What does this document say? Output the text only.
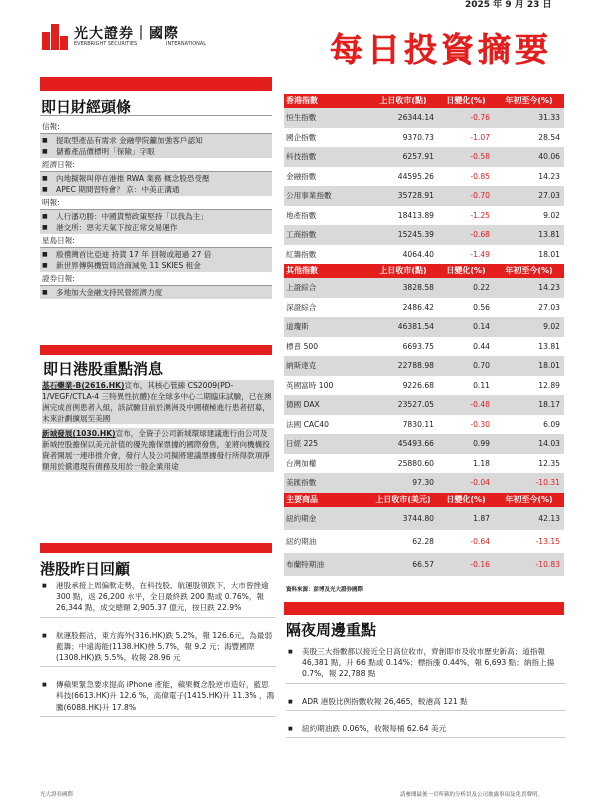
2025 年 9 月 23 日
光大證券｜國際
EVERBRIGHT SECURITIES	INTERNATIONAL	每日投資摘要
即日財經頭條
信報:
■ 提取型產品有需求 金融學院籲加強客戶認知
■ 儲蓄產品價標明「保險」字眼
經濟日報:
■ 內地擬報叫停在港推 RWA 業務 概念股恐受壓
■ APEC 期間習特會？ 京：中美正溝通
明報:
■ 人行潘功勝：中國貨幣政策堅持「以我為主」
■ 港交所：惡劣天氣下按正常交易運作
星島日報:
■ 殷禮灣首比亞迪 持貨 17 年 回報或超過 27 倍
■ 新世界傳與機管局洽商減免 11 SKIES 租金
證券日報:
■ 多地加大金融支持民營經濟力度
即日港股重點消息
基石藥業-B(2616.HK)宣布，其核心管線 CS2009(PD-1/VEGF/CTLA-4 三特異性抗體)在全球多中心二期臨床試驗，已在澳洲完成首例患者入組，該試驗目前於澳洲及中國積極進行患者招募，未來計劃擴展至美國
新城發展(1030.HK)宣布，全資子公司新城環球建議進行由公司及新城控股擔保以美元計值的優先擔保票據的國際發售，並將向機構投資者開展一連串推介會，發行人及公司擬將建議票據發行所得款項淨額用於償還現有債務及用於一般企業用途
港股昨日回顧
■ 港股承接上周偏軟走勢，在科技股、航運股領跌下，大市曾挫逾 300 點，返 26,200 水平，全日最終跌 200 點或 0.76%，報 26,344 點，成交總額 2,905.37 億元，按日跌 22.9%
■ 航運股捱沽，東方海外(316.HK)跌 5.2%，報 126.6元，為最弱藍籌；中遠海能(1138.HK)挫 5.7%，報 9.2 元；海豐國際(1308.HK)跌 5.5%，收報 28.96 元
■ 傳蘋果緊急要求提高 iPhone 產能，蘋果概念股逆市造好，藍思科技(6613.HK)升 12.6 %，高偉電子(1415.HK)升 11.3% ，鴻騰(6088.HK)升 17.8%
香港指數	上日收市(點)	日變化(%)	年初至今(%)
恒生指數	26344.14	-0.76	31.33
國企指數	9370.73	-1.07	28.54
科技指數	6257.91	-0.58	40.06
金融指數	44595.26	-0.85	14.23
公用事業指數	35728.91	-0.70	27.03
地產指數	18413.89	-1.25	9.02
工商指數	15245.39	-0.68	13.81
紅籌指數	4064.40	-1.49	18.01
其他指數	上日收市(點)	日變化(%)	年初至今(%)
上證綜合	3828.58	0.22	14.23
深證綜合	2486.42	0.56	27.03
道瓊斯	46381.54	0.14	9.02
標普 500	6693.75	0.44	13.81
納斯達克	22788.98	0.70	18.01
英國富時 100	9226.68	0.11	12.89
德國 DAX	23527.05	-0.48	18.17
法國 CAC40	7830.11	-0.30	6.09
日經 225	45493.66	0.99	14.03
台灣加權	25880.60	1.18	12.35
美匯指數	97.30	-0.04	-10.31
主要商品	上日收市(美元)	日變化(%)	年初至今(%)
紐約期金	3744.80	1.87	42.13
紐約期油	62.28	-0.64	-13.15
布蘭特期油	66.57	-0.16	-10.83
資料來源：彭博及光大證券國際
隔夜周邊重點
■ 美股三大指數都以接近全日高位收市，齊創即市及收市歷史新高；道指報 46,381 點，升 66 點或 0.14%；標指漲 0.44%，報 6,693 點；納指上揚 0.7%，報 22,788 點
■ ADR 港股比例指數收報 26,465，較港高 121 點
■ 紐約期油跌 0.06%，收報每桶 62.64 美元
光大證券國際	請參閱最後一頁所載的分析員及公司披露事項及免責聲明。
